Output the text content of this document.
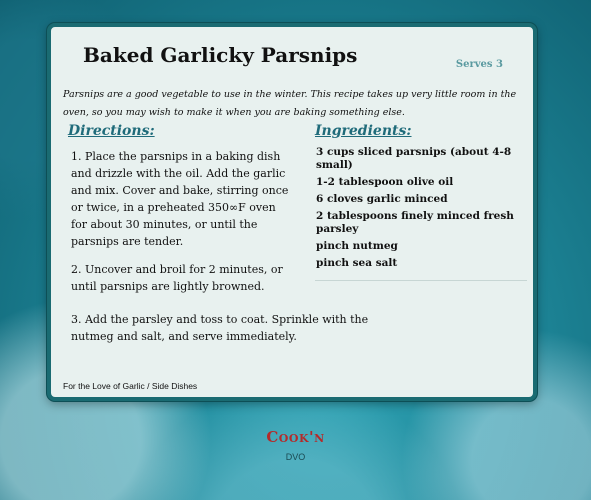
Baked Garlicky Parsnips	Serves 3

Parsnips are a good vegetable to use in the winter. This recipe takes up very little room in the oven, so you may wish to make it when you are baking something else.

Directions:	Ingredients:

1. Place the parsnips in a baking dish and drizzle with the oil. Add the garlic and mix. Cover and bake, stirring once or twice, in a preheated 350∞F oven for about 30 minutes, or until the parsnips are tender.

2. Uncover and broil for 2 minutes, or until parsnips are lightly browned.

3. Add the parsley and toss to coat. Sprinkle with the nutmeg and salt, and serve immediately.

3 cups sliced parsnips (about 4-8 small)
1-2 tablespoon olive oil
6 cloves garlic minced
2 tablespoons finely minced fresh parsley
pinch nutmeg
pinch sea salt
For the Love of Garlic / Side Dishes
Cook'n
DVO
